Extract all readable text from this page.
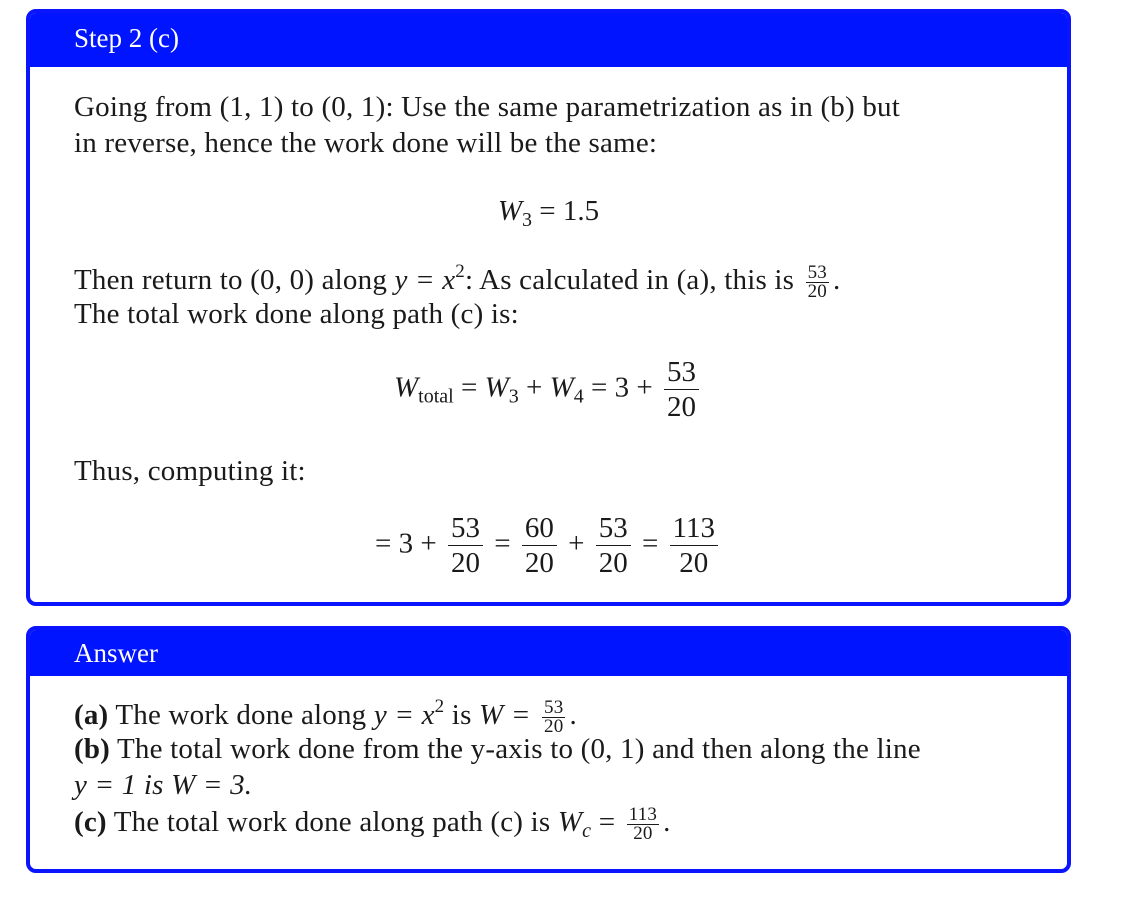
Step 2 (c)
Going from (1, 1) to (0, 1): Use the same parametrization as in (b) but
in reverse, hence the work done will be the same:
$W_3 = 1.5$
Then return to (0, 0) along $y = x^2$: As calculated in (a), this is $\frac{53}{20}$ .
The total work done along path (c) is:
$W_{total} = W_3 + W_4 = 3 + \frac{53}{20}$
Thus, computing it:
= $3 + \frac{53}{20} = \frac{60}{20} + \frac{53}{20} = \frac{113}{20}$
Answer
(a) The work done along $y = x^2$ is $W = \frac{53}{20}$ .
(b) The total work done from the y-axis to (0, 1) and then along the line
y = 1 is W = 3.
(c) The total work done along path (c) is $W_c = \frac{113}{20}$ .
